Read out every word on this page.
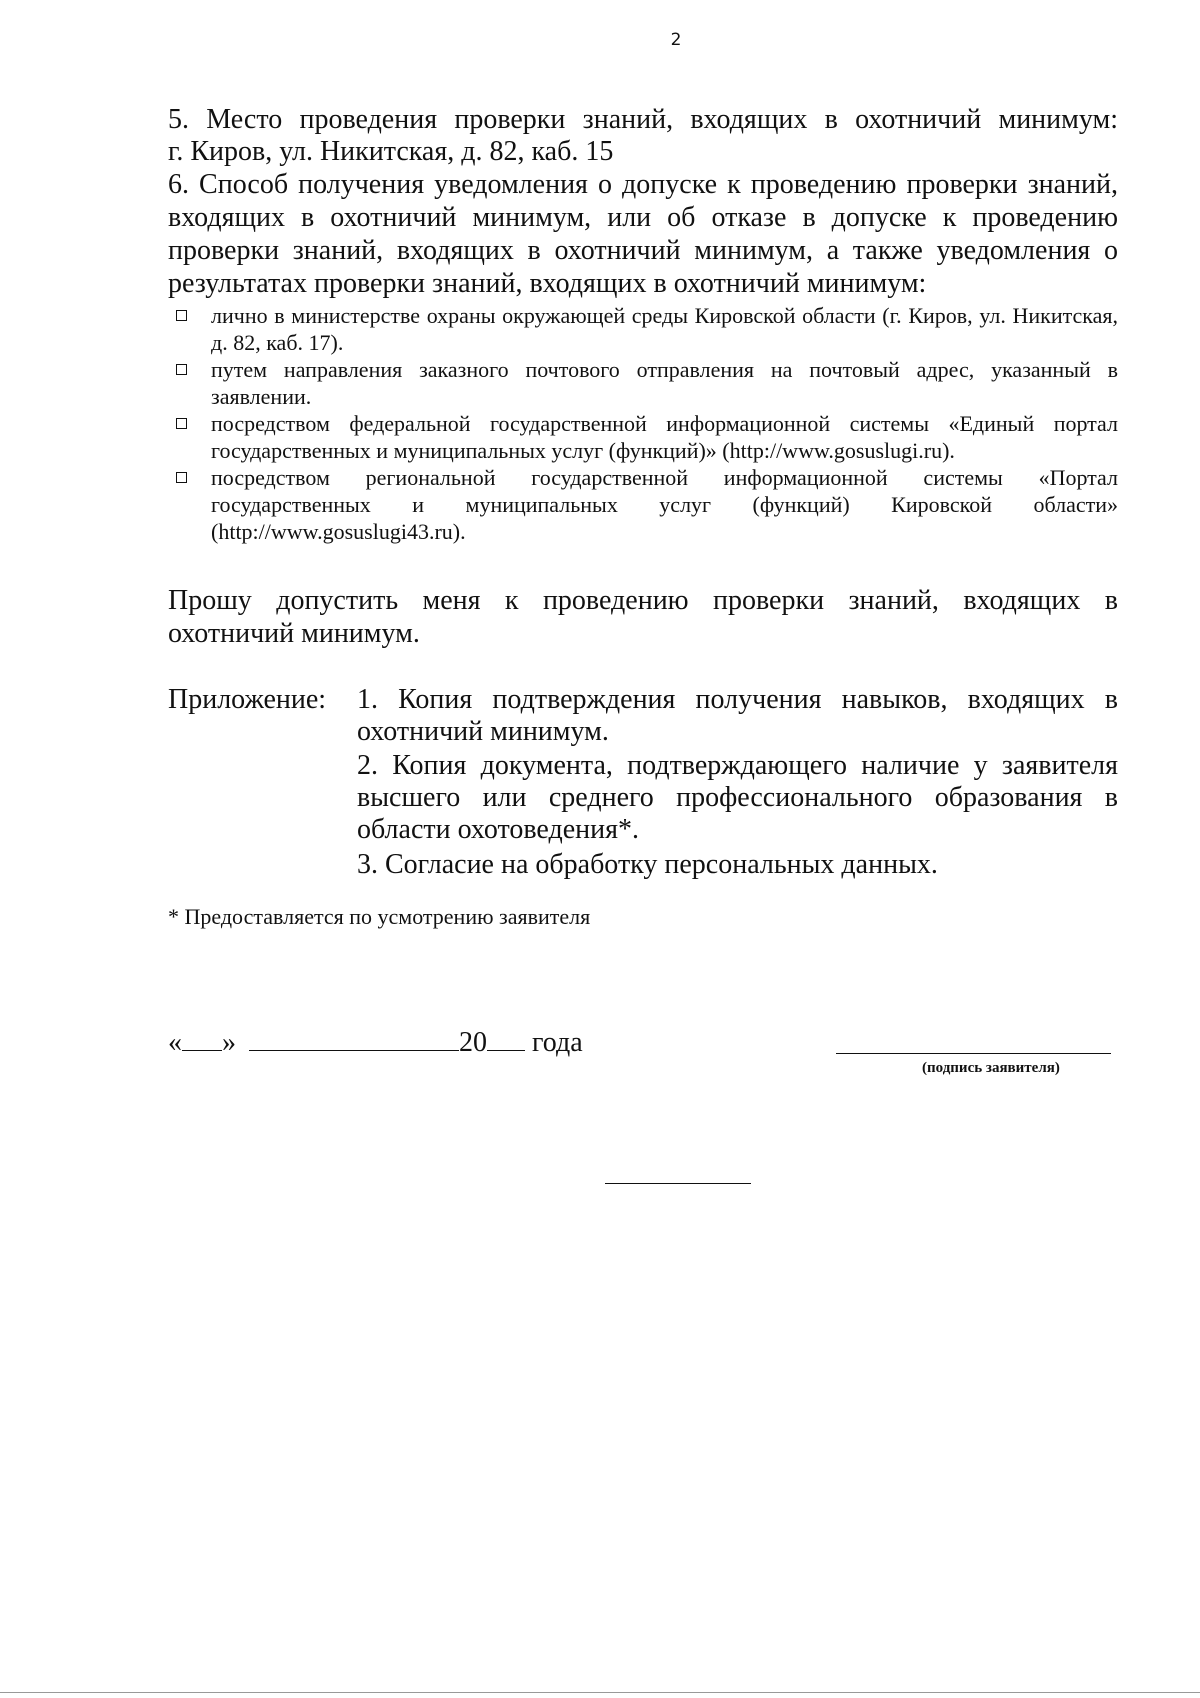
2

5. Место проведения проверки знаний, входящих в охотничий минимум:

г. Киров, ул. Никитская, д. 82, каб. 15

6. Способ получения уведомления о допуске к проведению проверки знаний,

входящих в охотничий минимум, или об отказе в допуске к проведению

проверки знаний, входящих в охотничий минимум, а также уведомления о

результатах проверки знаний, входящих в охотничий минимум:

лично в министерстве охраны окружающей среды Кировской области (г. Киров, ул. Никитская, д. 82, каб. 17).
путем направления заказного почтового отправления на почтовый адрес, указанный в заявлении.
посредством федеральной государственной информационной системы «Единый портал государственных и муниципальных услуг (функций)» (http://www.gosuslugi.ru).
посредством региональной государственной информационной системы «Портал государственных и муниципальных услуг (функций) Кировской области» (http://www.gosuslugi43.ru).

Прошу допустить меня к проведению проверки знаний, входящих в

охотничий минимум.

Приложение: 1. Копия подтверждения получения навыков, входящих в охотничий минимум.
2. Копия документа, подтверждающего наличие у заявителя высшего или среднего профессионального образования в области охотоведения*.
3. Согласие на обработку персональных данных.
* Предоставляется по усмотрению заявителя
« »	20 года
(подпись заявителя)
